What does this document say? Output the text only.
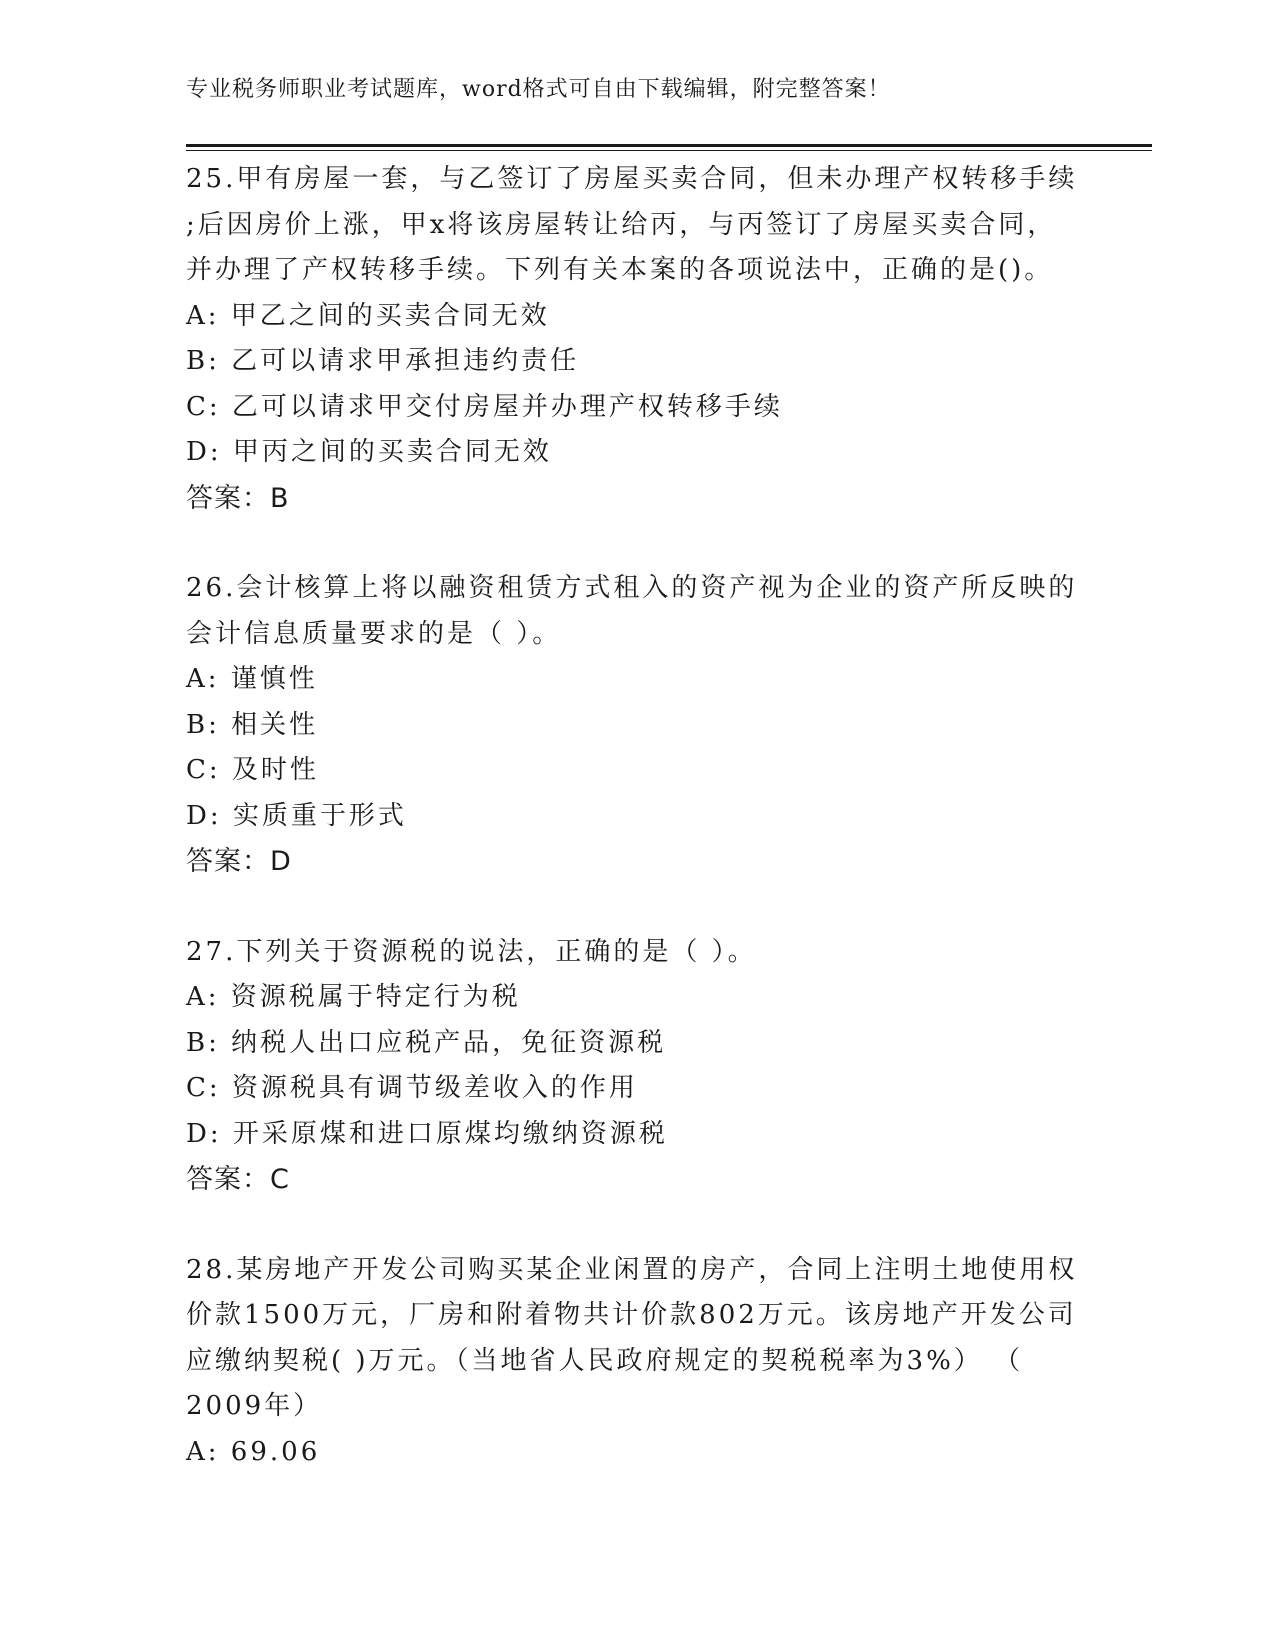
专业税务师职业考试题库，word格式可自由下载编辑，附完整答案！
25.甲有房屋一套，与乙签订了房屋买卖合同，但未办理产权转移手续
;后因房价上涨，甲x将该房屋转让给丙，与丙签订了房屋买卖合同，
并办理了产权转移手续。下列有关本案的各项说法中，正确的是()。
A: 甲乙之间的买卖合同无效
B: 乙可以请求甲承担违约责任
C: 乙可以请求甲交付房屋并办理产权转移手续
D: 甲丙之间的买卖合同无效
答案：B
26.会计核算上将以融资租赁方式租入的资产视为企业的资产所反映的
会计信息质量要求的是（ ）。
A: 谨慎性
B: 相关性
C: 及时性
D: 实质重于形式
答案：D
27.下列关于资源税的说法，正确的是（ ）。
A: 资源税属于特定行为税
B: 纳税人出口应税产品，免征资源税
C: 资源税具有调节级差收入的作用
D: 开采原煤和进口原煤均缴纳资源税
答案：C
28.某房地产开发公司购买某企业闲置的房产，合同上注明土地使用权
价款1500万元，厂房和附着物共计价款802万元。该房地产开发公司
应缴纳契税( )万元。（当地省人民政府规定的契税税率为3%） （
2009年）
A: 69.06
